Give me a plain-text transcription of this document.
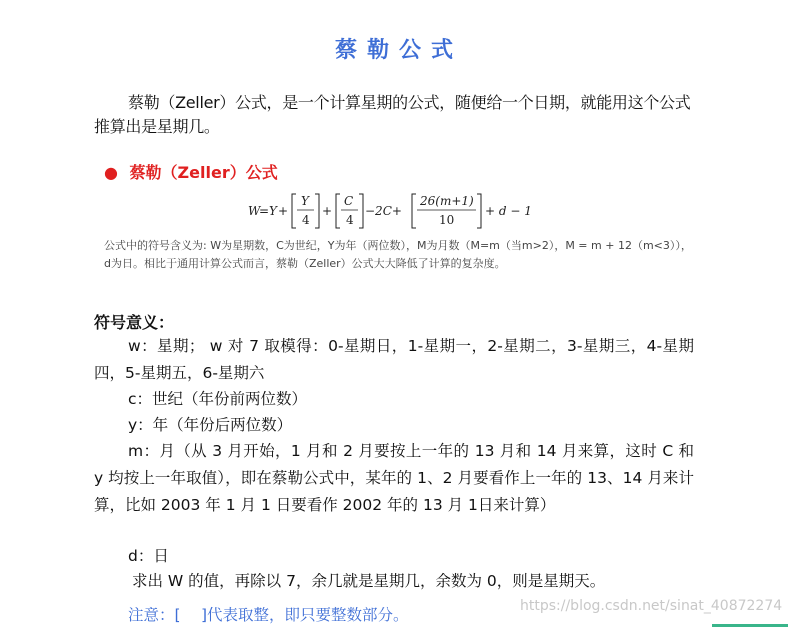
蔡勒公式
蔡勒（Zeller）公式，是一个计算星期的公式，随便给一个日期，就能用这个公式推算出是星期几。
● 蔡勒（Zeller）公式
W
= Y +
Y
4
+
C
4
−2C+
26(m+1)
10
+ d − 1
公式中的符号含义为: W为星期数，C为世纪，Y为年（两位数），M为月数（M=m（当m>2），M = m + 12（m<3）），d为日。相比于通用计算公式而言，蔡勒（Zeller）公式大大降低了计算的复杂度。
符号意义：
w：星期； w 对 7 取模得：0-星期日，1-星期一，2-星期二，3-星期三，4-星期四，5-星期五，6-星期六
c：世纪（年份前两位数）
y：年（年份后两位数）
m：月（从 3 月开始，1 月和 2 月要按上一年的 13 月和 14 月来算，这时 C 和 y 均按上一年取值），即在蔡勒公式中，某年的 1、2 月要看作上一年的 13、14 月来计算，比如 2003 年 1 月 1 日要看作 2002 年的 13 月 1日来计算）
d：日
求出 W 的值，再除以 7，余几就是星期几，余数为 0，则是星期天。
https://blog.csdn.net/sinat_40872274
注意：[　 ]代表取整，即只要整数部分。
